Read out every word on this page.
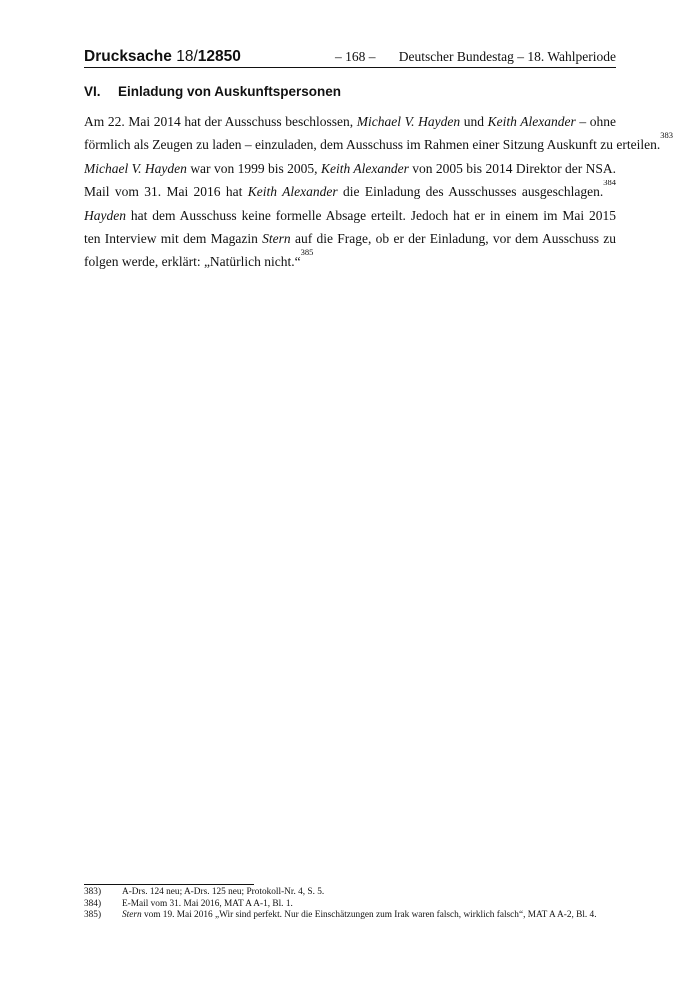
Drucksache 18/12850	– 168 – Deutscher Bundestag – 18. Wahlperiode
VI. Einladung von Auskunftspersonen
Am 22. Mai 2014 hat der Ausschuss beschlossen, Michael V. Hayden und Keith Alexander – ohne
förmlich als Zeugen zu laden – einzuladen, dem Ausschuss im Rahmen einer Sitzung Auskunft zu erteilen.$^{383}$
Michael V. Hayden war von 1999 bis 2005, Keith Alexander von 2005 bis 2014 Direktor der NSA.
Mail vom 31. Mai 2016 hat Keith Alexander die Einladung des Ausschusses ausgeschlagen.$^{384}$
Hayden hat dem Ausschuss keine formelle Absage erteilt. Jedoch hat er in einem im Mai 2015
ten Interview mit dem Magazin Stern auf die Frage, ob er der Einladung, vor dem Ausschuss zu
folgen werde, erklärt: „Natürlich nicht.“$^{385}$
383)	A-Drs. 124 neu; A-Drs. 125 neu; Protokoll-Nr. 4, S. 5.
384)	E-Mail vom 31. Mai 2016, MAT A A-1, Bl. 1.
385)	Stern vom 19. Mai 2016 „Wir sind perfekt. Nur die Einschätzungen zum Irak waren falsch, wirklich falsch“, MAT A A-2, Bl. 4.
